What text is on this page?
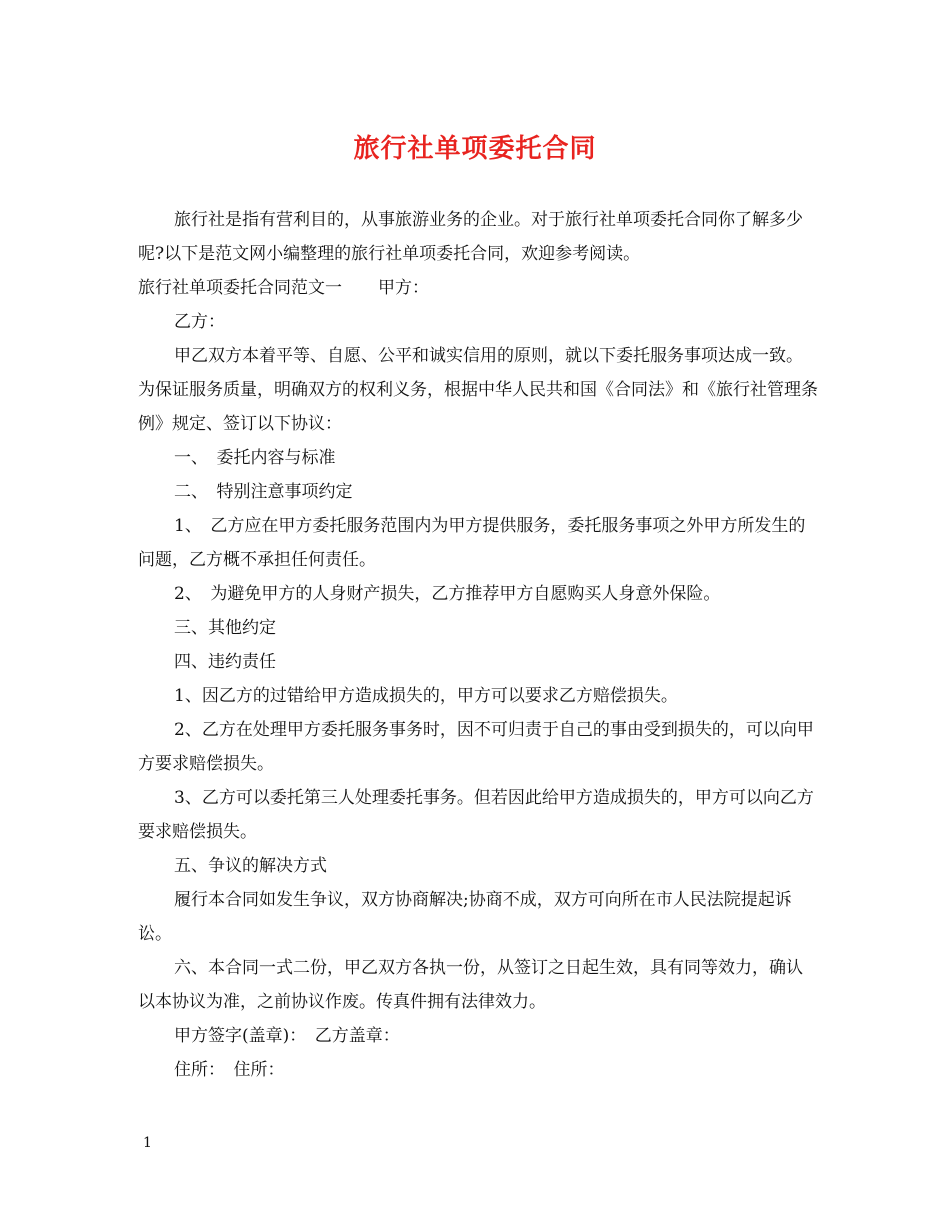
旅行社单项委托合同

旅行社是指有营利目的，从事旅游业务的企业。对于旅行社单项委托合同你了解多少呢?以下是范文网小编整理的旅行社单项委托合同，欢迎参考阅读。

旅行社单项委托合同范文一 甲方：

乙方：

甲乙双方本着平等、自愿、公平和诚实信用的原则，就以下委托服务事项达成一致。为保证服务质量，明确双方的权利义务，根据中华人民共和国《合同法》和《旅行社管理条例》规定、签订以下协议：

一、　委托内容与标准

二、　特别注意事项约定

1、　乙方应在甲方委托服务范围内为甲方提供服务，委托服务事项之外甲方所发生的问题，乙方概不承担任何责任。

2、　为避免甲方的人身财产损失，乙方推荐甲方自愿购买人身意外保险。

三、其他约定

四、违约责任

1、因乙方的过错给甲方造成损失的，甲方可以要求乙方赔偿损失。

2、乙方在处理甲方委托服务事务时，因不可归责于自己的事由受到损失的，可以向甲方要求赔偿损失。

3、乙方可以委托第三人处理委托事务。但若因此给甲方造成损失的，甲方可以向乙方要求赔偿损失。

五、争议的解决方式

履行本合同如发生争议，双方协商解决;协商不成，双方可向所在市人民法院提起诉讼。

六、本合同一式二份，甲乙双方各执一份，从签订之日起生效，具有同等效力，确认以本协议为准，之前协议作废。传真件拥有法律效力。

甲方签字(盖章)：　乙方盖章：

住所：　住所：

1
